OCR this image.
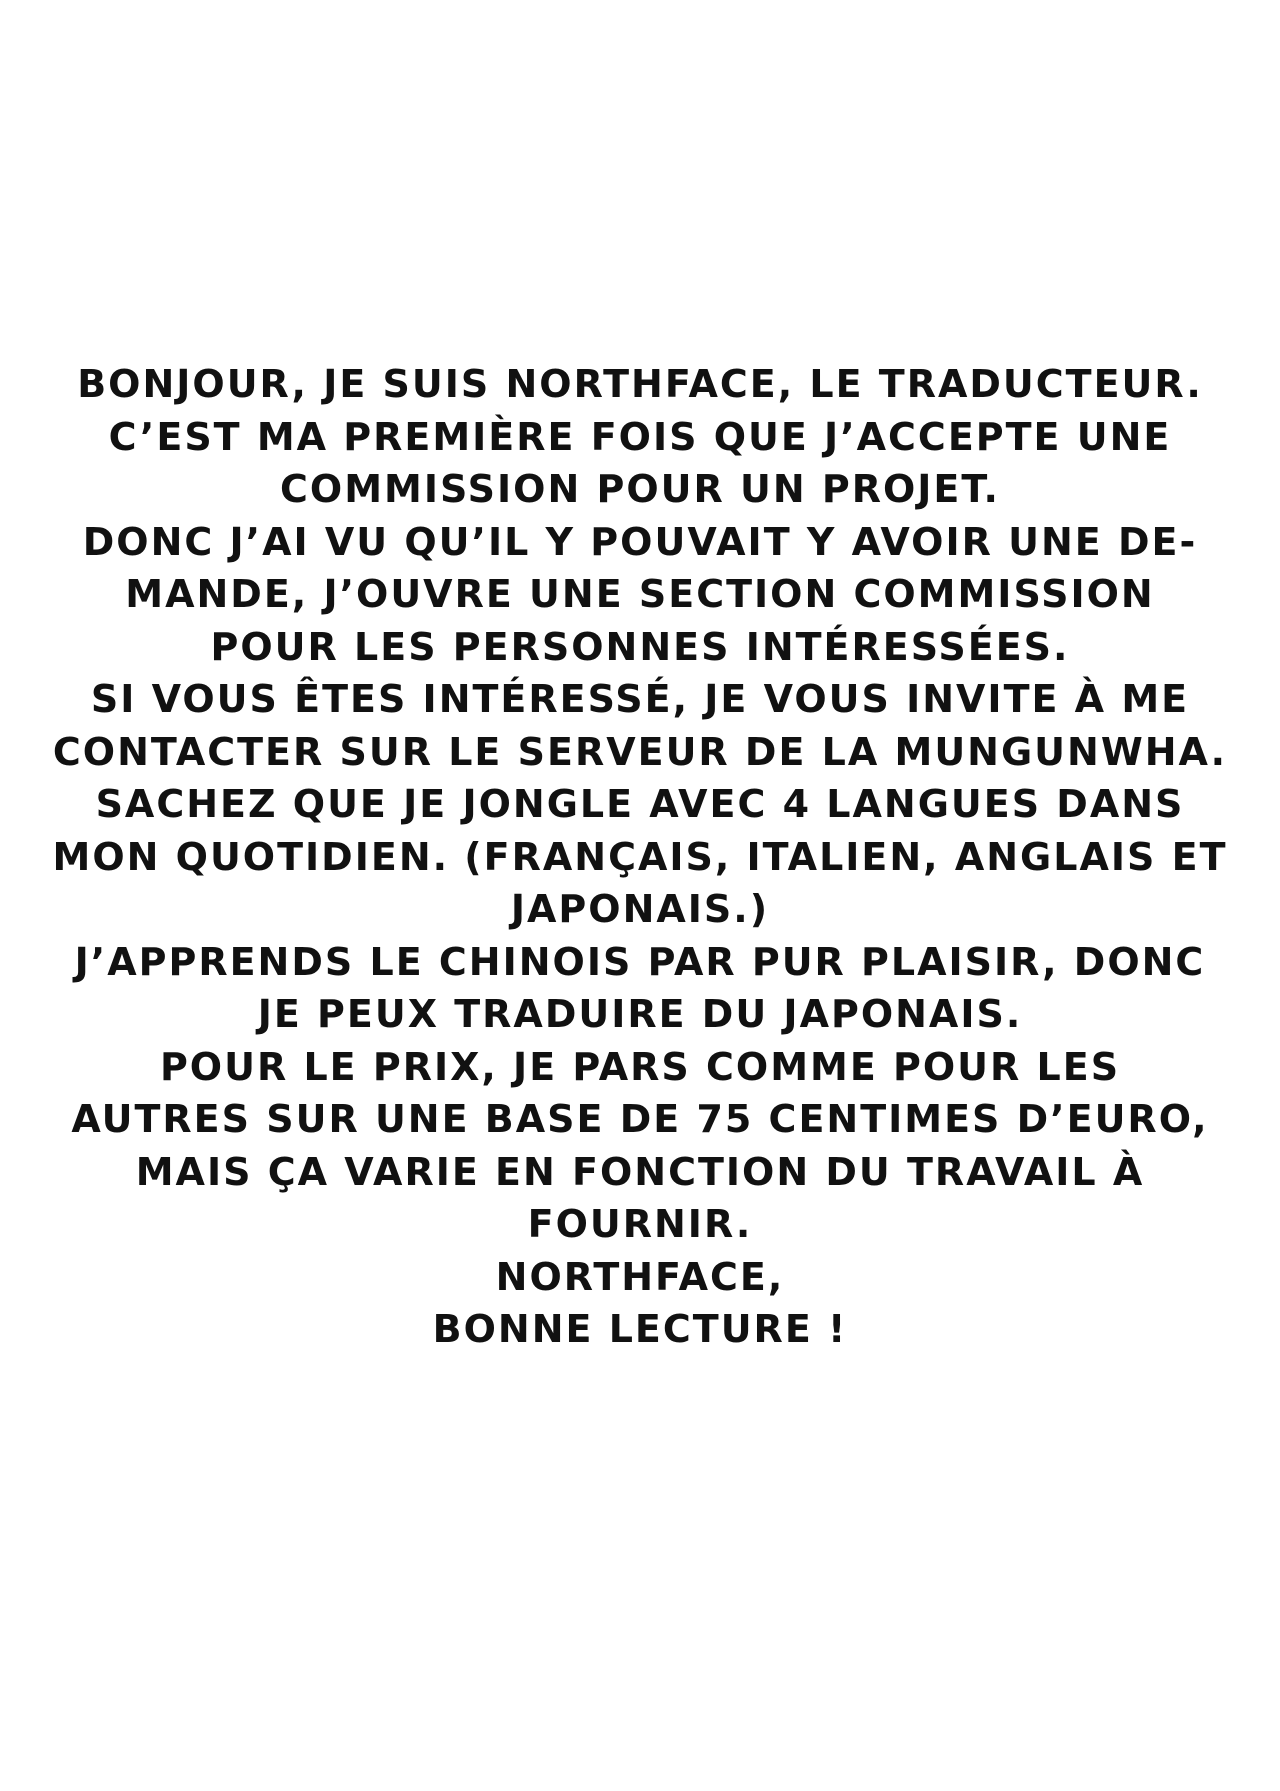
BONJOUR, JE SUIS NORTHFACE, LE TRADUCTEUR.
C’EST MA PREMIÈRE FOIS QUE J’ACCEPTE UNE
COMMISSION POUR UN PROJET.
DONC J’AI VU QU’IL Y POUVAIT Y AVOIR UNE DE-
MANDE, J’OUVRE UNE SECTION COMMISSION
POUR LES PERSONNES INTÉRESSÉES.
SI VOUS ÊTES INTÉRESSÉ, JE VOUS INVITE À ME
CONTACTER SUR LE SERVEUR DE LA MUNGUNWHA.
SACHEZ QUE JE JONGLE AVEC 4 LANGUES DANS
MON QUOTIDIEN. (FRANÇAIS, ITALIEN, ANGLAIS ET
JAPONAIS.)
J’APPRENDS LE CHINOIS PAR PUR PLAISIR, DONC
JE PEUX TRADUIRE DU JAPONAIS.
POUR LE PRIX, JE PARS COMME POUR LES
AUTRES SUR UNE BASE DE 75 CENTIMES D’EURO,
MAIS ÇA VARIE EN FONCTION DU TRAVAIL À
FOURNIR.
NORTHFACE,
BONNE LECTURE !
